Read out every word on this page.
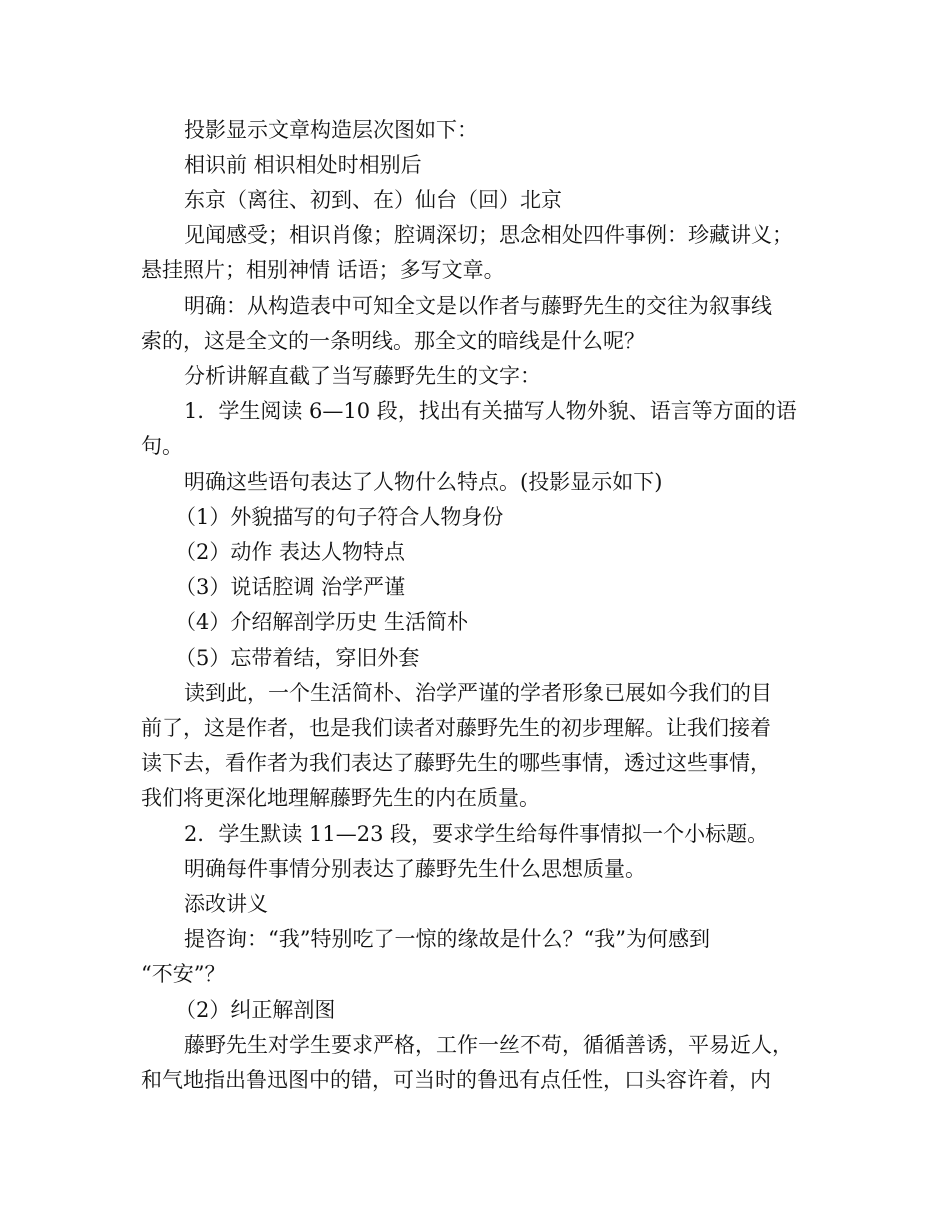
投影显示文章构造层次图如下：
相识前 相识相处时相别后
东京（离往、初到、在）仙台（回）北京
见闻感受；相识肖像；腔调深切；思念相处四件事例：珍藏讲义；
悬挂照片；相别神情 话语；多写文章。
明确：从构造表中可知全文是以作者与藤野先生的交往为叙事线
索的，这是全文的一条明线。那全文的暗线是什么呢？
分析讲解直截了当写藤野先生的文字：
1．学生阅读 6—10 段，找出有关描写人物外貌、语言等方面的语
句。
明确这些语句表达了人物什么特点。(投影显示如下)
（1）外貌描写的句子符合人物身份
（2）动作 表达人物特点
（3）说话腔调 治学严谨
（4）介绍解剖学历史 生活简朴
（5）忘带着结，穿旧外套
读到此，一个生活简朴、治学严谨的学者形象已展如今我们的目
前了，这是作者，也是我们读者对藤野先生的初步理解。让我们接着
读下去，看作者为我们表达了藤野先生的哪些事情，透过这些事情，
我们将更深化地理解藤野先生的内在质量。
2．学生默读 11—23 段，要求学生给每件事情拟一个小标题。
明确每件事情分别表达了藤野先生什么思想质量。
添改讲义
提咨询：“我”特别吃了一惊的缘故是什么？“我”为何感到
“不安”？
（2）纠正解剖图
藤野先生对学生要求严格，工作一丝不苟，循循善诱，平易近人，
和气地指出鲁迅图中的错，可当时的鲁迅有点任性，口头容许着，内
